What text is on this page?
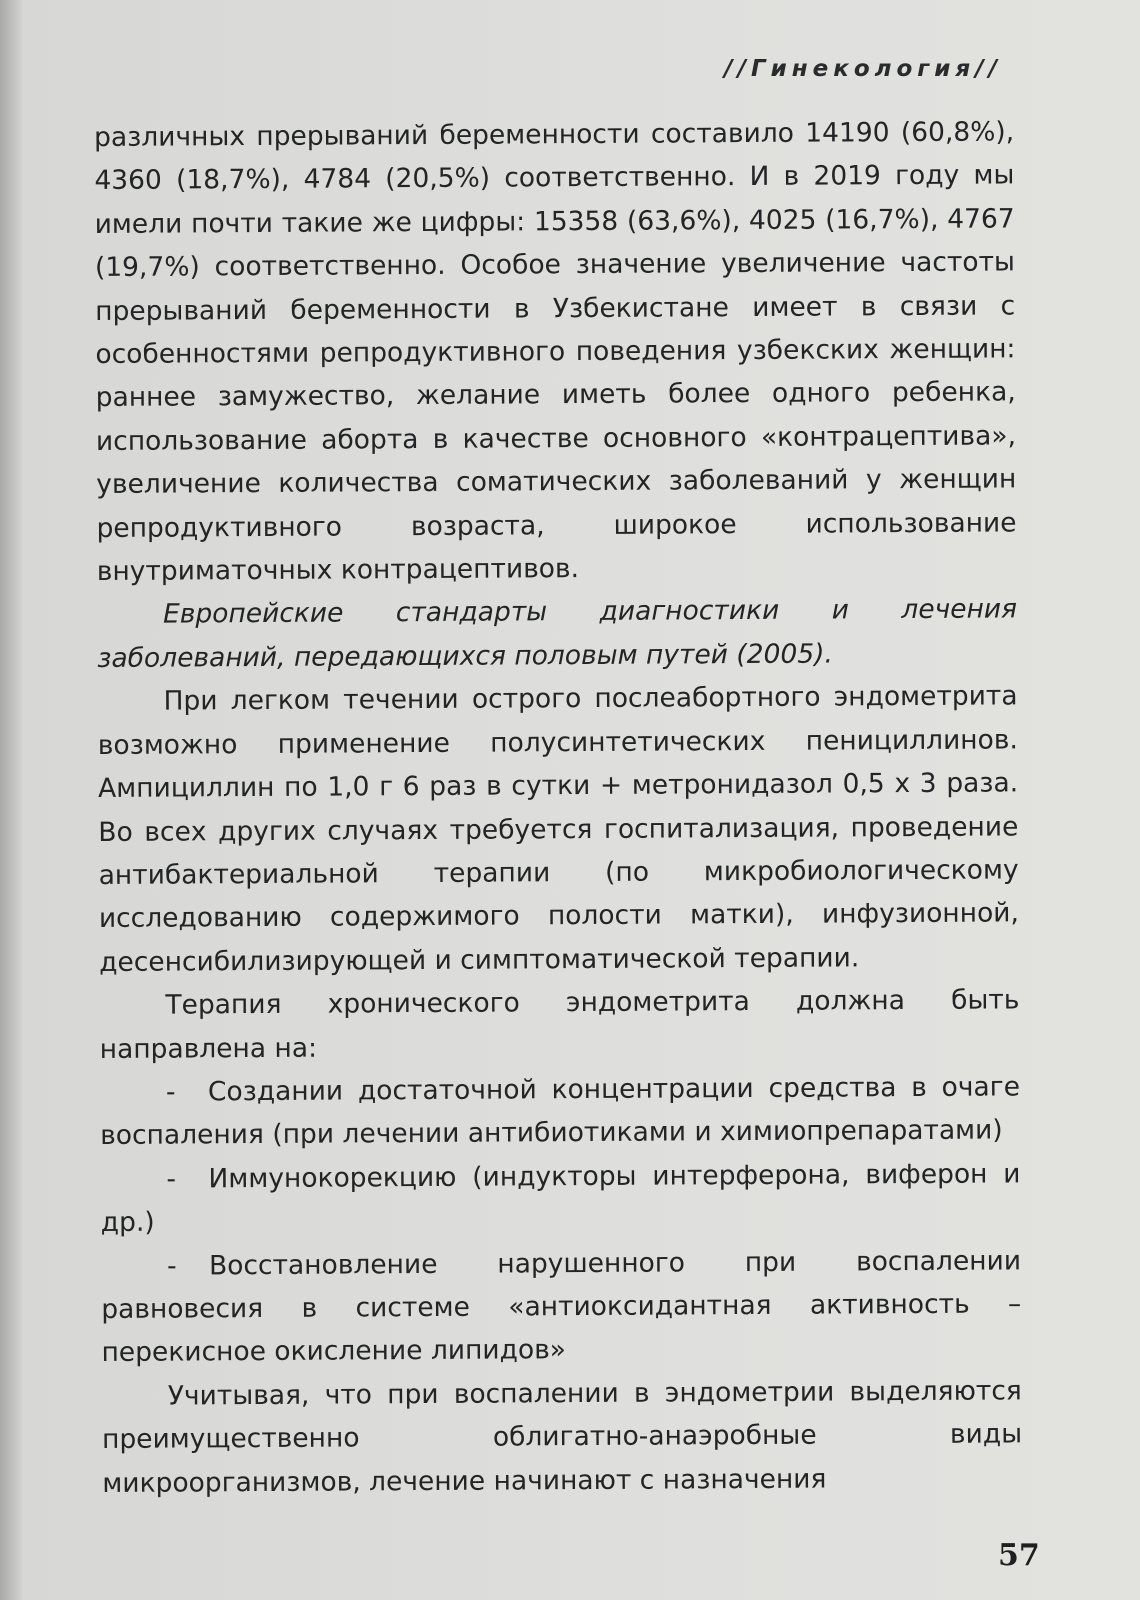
//Гинекология//

различных прерываний беременности составило 14190 (60,8%), 4360 (18,7%), 4784 (20,5%) соответственно. И в 2019 году мы имели почти такие же цифры: 15358 (63,6%), 4025 (16,7%), 4767 (19,7%) соответственно. Особое значение увеличение частоты прерываний беременности в Узбекистане имеет в связи с особенностями репродуктивного поведения узбекских женщин: раннее замужество, желание иметь более одного ребенка, использование аборта в качестве основного «контрацептива», увеличение количества соматических заболеваний у женщин репродуктивного возраста, широкое использование внутриматочных контрацептивов.

Европейские стандарты диагностики и лечения заболеваний, передающихся половым путей (2005).

При легком течении острого послеабортного эндометрита возможно применение полусинтетических пенициллинов. Ампициллин по 1,0 г 6 раз в сутки + метронидазол 0,5 х 3 раза. Во всех других случаях требуется госпитализация, проведение антибактериальной терапии (по микробиологическому исследованию содержимого полости матки), инфузионной, десенсибилизирующей и симптоматической терапии.

Терапия хронического эндометрита должна быть направлена на:

- Создании достаточной концентрации средства в очаге воспаления (при лечении антибиотиками и химиопрепаратами)
- Иммунокорекцию (индукторы интерферона, виферон и др.)
- Восстановление нарушенного при воспалении равновесия в системе «антиоксидантная активность – перекисное окисление липидов»

Учитывая, что при воспалении в эндометрии выделяются преимущественно облигатно-анаэробные виды микроорганизмов, лечение начинают с назначения

57
